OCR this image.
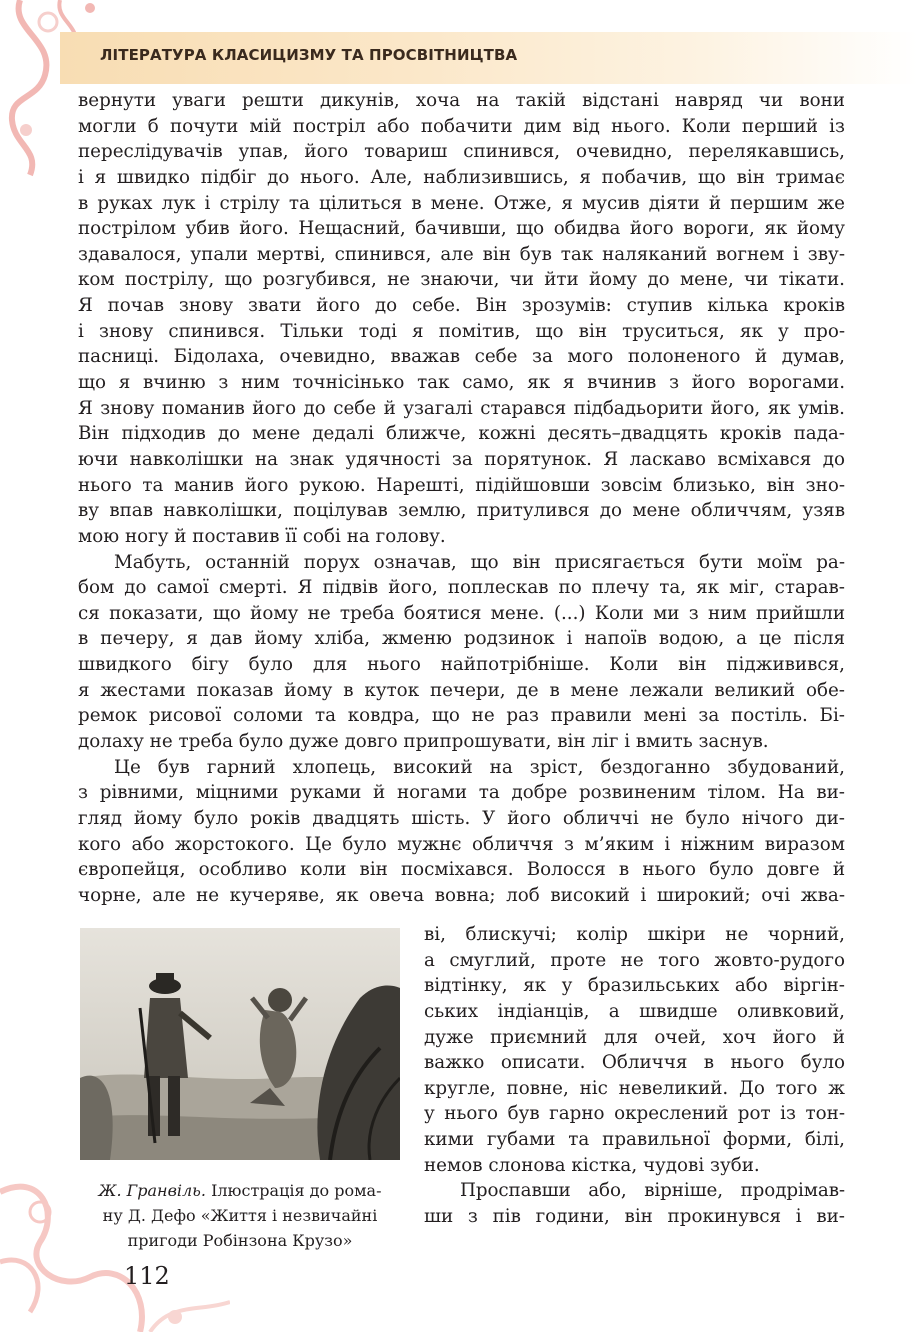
ЛІТЕРАТУРА КЛАСИЦИЗМУ ТА ПРОСВІТНИЦТВА
вернути уваги решти дикунів, хоча на такій відстані навряд чи вони
могли б почути мій постріл або побачити дим від нього. Коли перший із
переслідувачів упав, його товариш спинився, очевидно, перелякавшись,
і я швидко підбіг до нього. Але, наблизившись, я побачив, що він тримає
в руках лук і стрілу та цілиться в мене. Отже, я мусив діяти й першим же
пострілом убив його. Нещасний, бачивши, що обидва його вороги, як йому
здавалося, упали мертві, спинився, але він був так наляканий вогнем і зву-
ком пострілу, що розгубився, не знаючи, чи йти йому до мене, чи тікати.
Я почав знову звати його до себе. Він зрозумів: ступив кілька кроків
і знову спинився. Тільки тоді я помітив, що він труситься, як у про-
пасниці. Бідолаха, очевидно, вважав себе за мого полоненого й думав,
що я вчиню з ним точнісінько так само, як я вчинив з його ворогами.
Я знову поманив його до себе й узагалі старався підбадьорити його, як умів.
Він підходив до мене дедалі ближче, кожні десять–двадцять кроків пада-
ючи навколішки на знак удячності за порятунок. Я ласкаво всміхався до
нього та манив його рукою. Нарешті, підійшовши зовсім близько, він зно-
ву впав навколішки, поцілував землю, притулився до мене обличчям, узяв
мою ногу й поставив її собі на голову.
Мабуть, останній порух означав, що він присягається бути моїм ра-
бом до самої смерті. Я підвів його, поплескав по плечу та, як міг, старав-
ся показати, що йому не треба боятися мене. (...) Коли ми з ним прийшли
в печеру, я дав йому хліба, жменю родзинок і напоїв водою, а це після
швидкого бігу було для нього найпотрібніше. Коли він підживився,
я жестами показав йому в куток печери, де в мене лежали великий обе-
ремок рисової соломи та ковдра, що не раз правили мені за постіль. Бі-
долаху не треба було дуже довго припрошувати, він ліг і вмить заснув.
Це був гарний хлопець, високий на зріст, бездоганно збудований,
з рівними, міцними руками й ногами та добре розвиненим тілом. На ви-
гляд йому було років двадцять шість. У його обличчі не було нічого ди-
кого або жорстокого. Це було мужнє обличчя з м’яким і ніжним виразом
європейця, особливо коли він посміхався. Волосся в нього було довге й
чорне, але не кучеряве, як овеча вовна; лоб високий і широкий; очі жва-
Ж. Гранвіль. Ілюстрація до рома-
ну Д. Дефо «Життя і незвичайні
пригоди Робінзона Крузо»
ві, блискучі; колір шкіри не чорний,
а смуглий, проте не того жовто-рудого
відтінку, як у бразильських або віргін-
ських індіанців, а швидше оливковий,
дуже приємний для очей, хоч його й
важко описати. Обличчя в нього було
кругле, повне, ніс невеликий. До того ж
у нього був гарно окреслений рот із тон-
кими губами та правильної форми, білі,
немов слонова кістка, чудові зуби.
Проспавши або, вірніше, продрімав-
ши з пів години, він прокинувся і ви-
112
